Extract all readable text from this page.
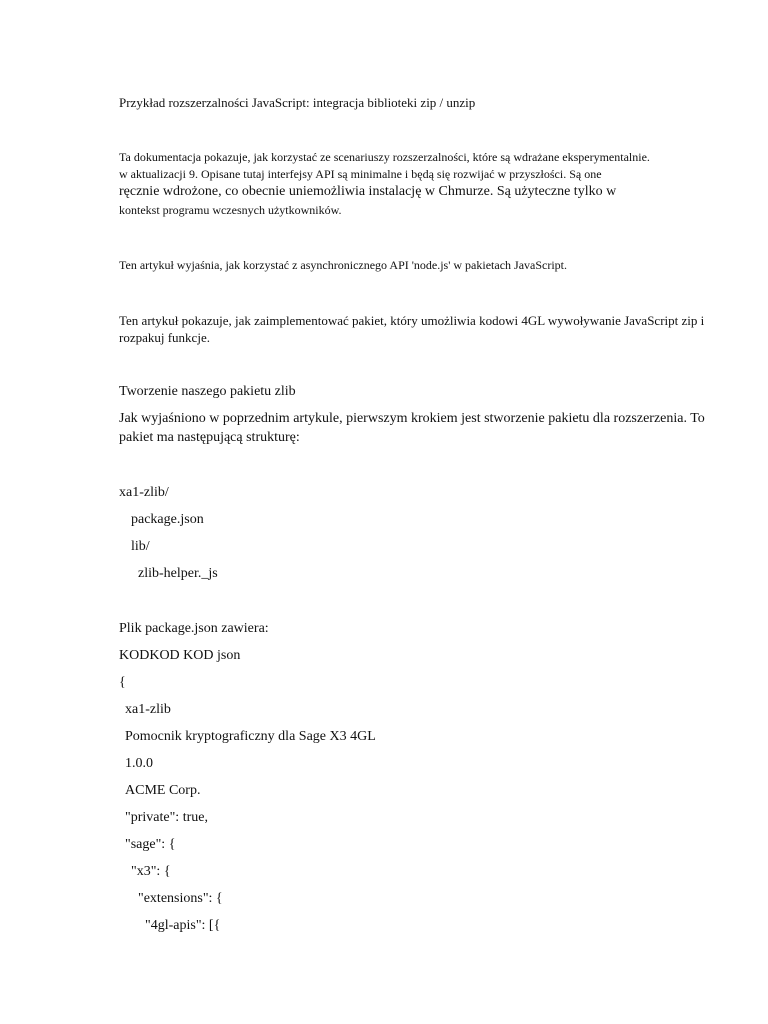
Przykład rozszerzalności JavaScript: integracja biblioteki zip / unzip
Ta dokumentacja pokazuje, jak korzystać ze scenariuszy rozszerzalności, które są wdrażane eksperymentalnie.
w aktualizacji 9. Opisane tutaj interfejsy API są minimalne i będą się rozwijać w przyszłości. Są one
ręcznie wdrożone, co obecnie uniemożliwia instalację w Chmurze. Są użyteczne tylko w
kontekst programu wczesnych użytkowników.
Ten artykuł wyjaśnia, jak korzystać z asynchronicznego API 'node.js' w pakietach JavaScript.
Ten artykuł pokazuje, jak zaimplementować pakiet, który umożliwia kodowi 4GL wywoływanie JavaScript zip i
rozpakuj funkcje.
Tworzenie naszego pakietu zlib
Jak wyjaśniono w poprzednim artykule, pierwszym krokiem jest stworzenie pakietu dla rozszerzenia. To
pakiet ma następującą strukturę:
xa1-zlib/
package.json
lib/
zlib-helper._js
Plik package.json zawiera:
KODKOD KOD json
{
xa1-zlib
Pomocnik kryptograficzny dla Sage X3 4GL
1.0.0
ACME Corp.
"private": true,
"sage": {
"x3": {
"extensions": {
"4gl-apis": [{
